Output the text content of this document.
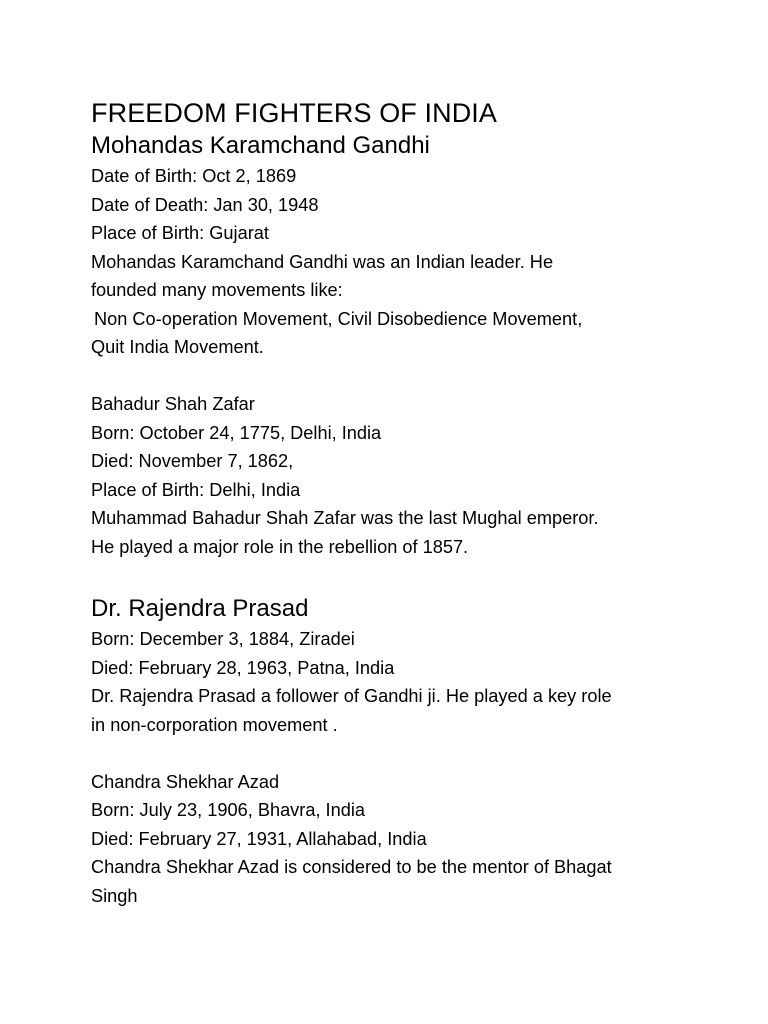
FREEDOM FIGHTERS OF INDIA
Mohandas Karamchand Gandhi

Date of Birth: Oct 2, 1869

Date of Death: Jan 30, 1948

Place of Birth: Gujarat

Mohandas Karamchand Gandhi was an Indian leader. He

founded many movements like:

Non Co-operation Movement, Civil Disobedience Movement,

Quit India Movement.

Bahadur Shah Zafar

Born: October 24, 1775, Delhi, India

Died: November 7, 1862,

Place of Birth: Delhi, India

Muhammad Bahadur Shah Zafar was the last Mughal emperor.

He played a major role in the rebellion of 1857.

Dr. Rajendra Prasad

Born: December 3, 1884, Ziradei

Died: February 28, 1963, Patna, India

Dr. Rajendra Prasad a follower of Gandhi ji. He played a key role

in non-corporation movement .

Chandra Shekhar Azad

Born: July 23, 1906, Bhavra, India

Died: February 27, 1931, Allahabad, India

Chandra Shekhar Azad is considered to be the mentor of Bhagat

Singh
